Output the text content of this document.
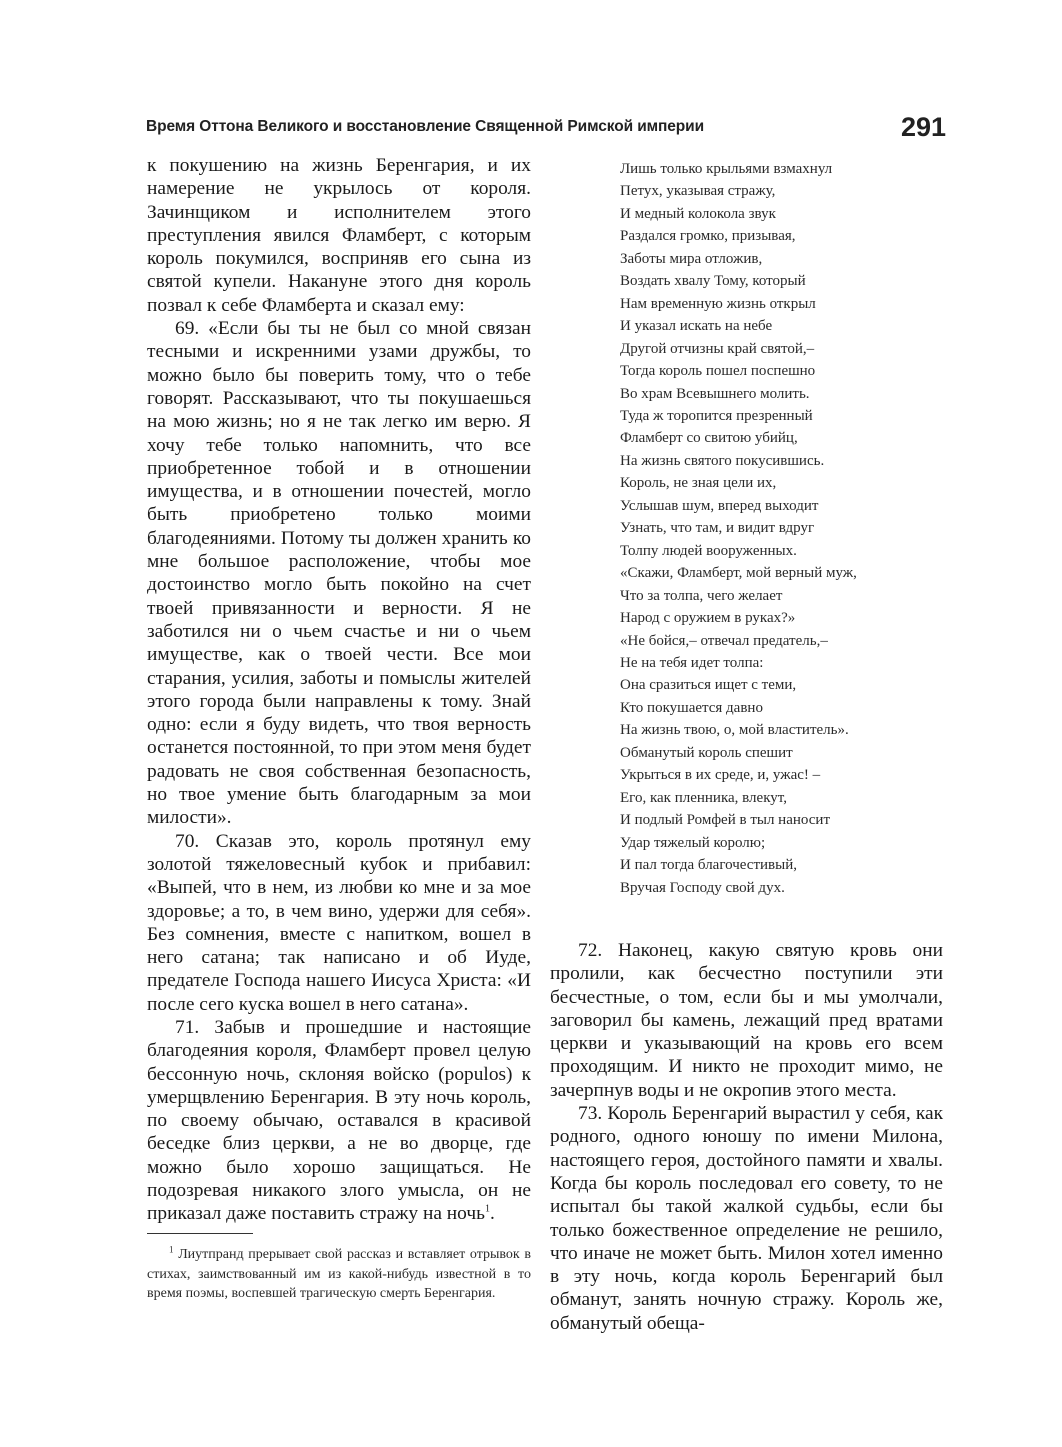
Время Оттона Великого и восстановление Священной Римской империи	291

к покушению на жизнь Беренгария, и их намерение не укрылось от короля. Зачинщиком и исполнителем этого преступления явился Фламберт, с которым король покумился, восприняв его сына из святой купели. Накануне этого дня король позвал к себе Фламберта и сказал ему:

69. «Если бы ты не был со мной связан тесными и искренними узами дружбы, то можно было бы поверить тому, что о тебе говорят. Рассказывают, что ты покушаешься на мою жизнь; но я не так легко им верю. Я хочу тебе только напомнить, что все приобретенное тобой и в отношении имущества, и в отношении почестей, могло быть приобретено только моими благодеяниями. Потому ты должен хранить ко мне большое расположение, чтобы мое достоинство могло быть покойно на счет твоей привязанности и верности. Я не заботился ни о чьем счастье и ни о чьем имуществе, как о твоей чести. Все мои старания, усилия, заботы и помыслы жителей этого города были направлены к тому. Знай одно: если я буду видеть, что твоя верность останется постоянной, то при этом меня будет радовать не своя собственная безопасность, но твое умение быть благодарным за мои милости».

70. Сказав это, король протянул ему золотой тяжеловесный кубок и прибавил: «Выпей, что в нем, из любви ко мне и за мое здоровье; а то, в чем вино, удержи для себя». Без сомнения, вместе с напитком, вошел в него сатана; так написано и об Иуде, предателе Господа нашего Иисуса Христа: «И после сего куска вошел в него сатана».

71. Забыв и прошедшие и настоящие благодеяния короля, Фламберт провел целую бессонную ночь, склоняя войско (populos) к умерщвлению Беренгария. В эту ночь король, по своему обычаю, оставался в красивой беседке близ церкви, а не во дворце, где можно было хорошо защищаться. Не подозревая никакого злого умысла, он не приказал даже поставить стражу на ночь$^1$.

Лишь только крыльями взмахнул
Петух, указывая стражу,
И медный колокола звук
Раздался громко, призывая,
Заботы мира отложив,
Воздать хвалу Тому, который
Нам временную жизнь открыл
И указал искать на небе
Другой отчизны край святой,–
Тогда король пошел поспешно
Во храм Всевышнего молить.
Туда ж торопится презренный
Фламберт со свитою убийц,
На жизнь святого покусившись.
Король, не зная цели их,
Услышав шум, вперед выходит
Узнать, что там, и видит вдруг
Толпу людей вооруженных.
«Скажи, Фламберт, мой верный муж,
Что за толпа, чего желает
Народ с оружием в руках?»
«Не бойся,– отвечал предатель,–
Не на тебя идет толпа:
Она сразиться ищет с теми,
Кто покушается давно
На жизнь твою, о, мой властитель».
Обманутый король спешит
Укрыться в их среде, и, ужас! –
Его, как пленника, влекут,
И подлый Ромфей в тыл наносит
Удар тяжелый королю;
И пал тогда благочестивый,
Вручая Господу свой дух.

72. Наконец, какую святую кровь они пролили, как бесчестно поступили эти бесчестные, о том, если бы и мы умолчали, заговорил бы камень, лежащий пред вратами церкви и указывающий на кровь его всем проходящим. И никто не проходит мимо, не зачерпнув воды и не окропив этого места.

73. Король Беренгарий вырастил у себя, как родного, одного юношу по имени Милона, настоящего героя, достойного памяти и хвалы. Когда бы король последовал его совету, то не испытал бы такой жалкой судьбы, если бы только божественное определение не решило, что иначе не может быть. Милон хотел именно в эту ночь, когда король Беренгарий был обманут, занять ночную стражу. Король же, обманутый обеща-

$^1$ Лиутпранд прерывает свой рассказ и вставляет отрывок в стихах, заимствованный им из какой-нибудь известной в то время поэмы, воспевшей трагическую смерть Беренгария.
